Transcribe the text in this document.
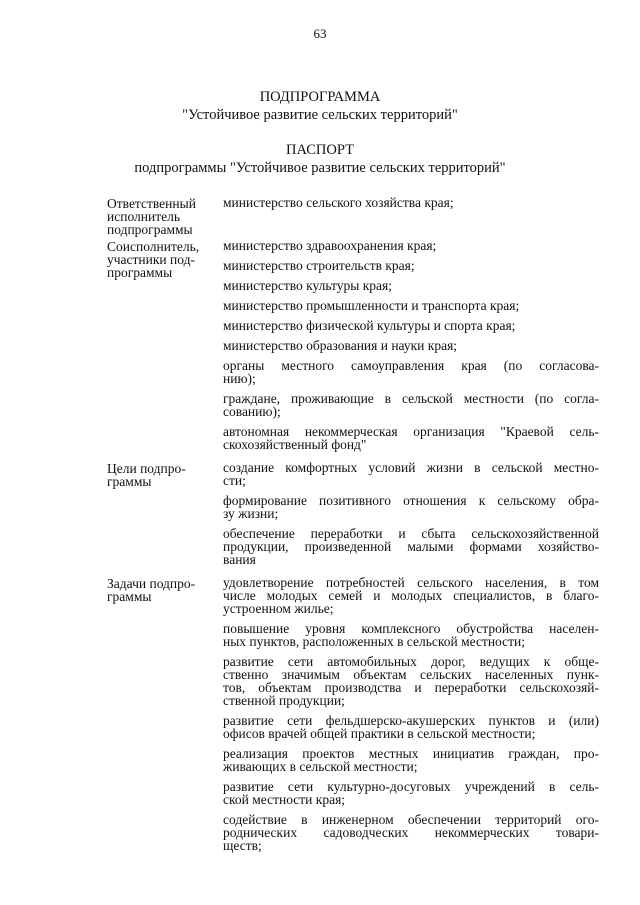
63
ПОДПРОГРАММА
"Устойчивое развитие сельских территорий"
ПАСПОРТ
подпрограммы "Устойчивое развитие сельских территорий"
Ответственный
исполнитель
подпрограммы
министерство сельского хозяйства края;
Соисполнитель,
участники под-
программы
министерство здравоохранения края;
министерство строительств края;
министерство культуры края;
министерство промышленности и транспорта края;
министерство физической культуры и спорта края;
министерство образования и науки края;
органы местного самоуправления края (по согласова-
нию);
граждане, проживающие в сельской местности (по согла-
сованию);
автономная некоммерческая организация "Краевой сель-
скохозяйственный фонд"
Цели подпро-
граммы
создание комфортных условий жизни в сельской местно-
сти;
формирование позитивного отношения к сельскому обра-
зу жизни;
обеспечение переработки и сбыта сельскохозяйственной
продукции, произведенной малыми формами хозяйство-
вания
Задачи подпро-
граммы
удовлетворение потребностей сельского населения, в том
числе молодых семей и молодых специалистов, в благо-
устроенном жилье;
повышение уровня комплексного обустройства населен-
ных пунктов, расположенных в сельской местности;
развитие сети автомобильных дорог, ведущих к обще-
ственно значимым объектам сельских населенных пунк-
тов, объектам производства и переработки сельскохозяй-
ственной продукции;
развитие сети фельдшерско-акушерских пунктов и (или)
офисов врачей общей практики в сельской местности;
реализация проектов местных инициатив граждан, про-
живающих в сельской местности;
развитие сети культурно-досуговых учреждений в сель-
ской местности края;
содействие в инженерном обеспечении территорий ого-
роднических садоводческих некоммерческих товари-
ществ;
